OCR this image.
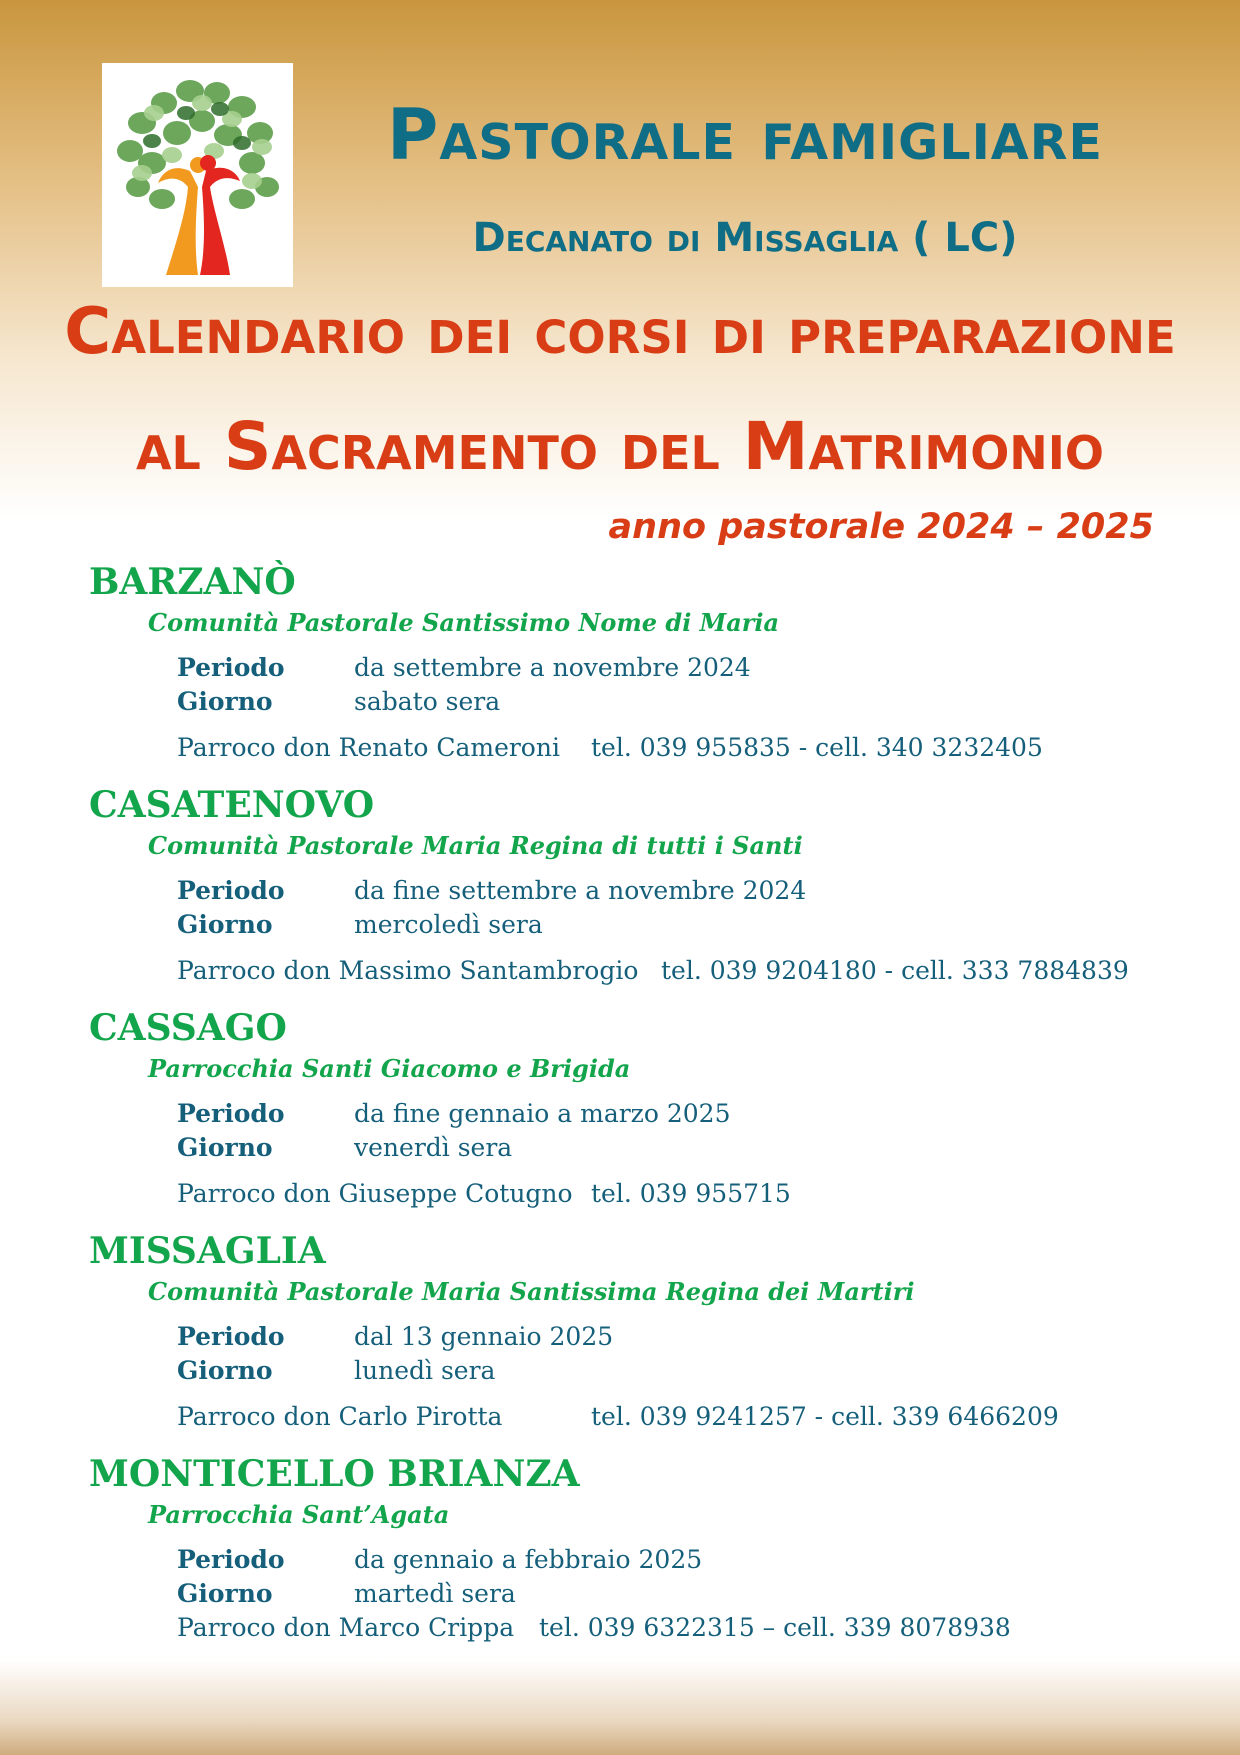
Pastorale famigliare
Decanato di Missaglia ( LC)
Calendario dei corsi di preparazione
al Sacramento del Matrimonio
anno pastorale 2024 – 2025
BARZANÒ
Comunità Pastorale Santissimo Nome di Maria
Periodo	da settembre a novembre 2024
Giorno	sabato sera
Parroco don Renato Cameroni tel. 039 955835 - cell. 340 3232405
CASATENOVO
Comunità Pastorale Maria Regina di tutti i Santi
Periodo	da fine settembre a novembre 2024
Giorno	mercoledì sera
Parroco don Massimo Santambrogio tel. 039 9204180 - cell. 333 7884839
CASSAGO
Parrocchia Santi Giacomo e Brigida
Periodo	da fine gennaio a marzo 2025
Giorno	venerdì sera
Parroco don Giuseppe Cotugno tel. 039 955715
MISSAGLIA
Comunità Pastorale Maria Santissima Regina dei Martiri
Periodo	dal 13 gennaio 2025
Giorno	lunedì sera
Parroco don Carlo Pirotta	tel. 039 9241257 - cell. 339 6466209
MONTICELLO BRIANZA
Parrocchia Sant’Agata
Periodo	da gennaio a febbraio 2025
Giorno	martedì sera
Parroco don Marco Crippa tel. 039 6322315 – cell. 339 8078938
